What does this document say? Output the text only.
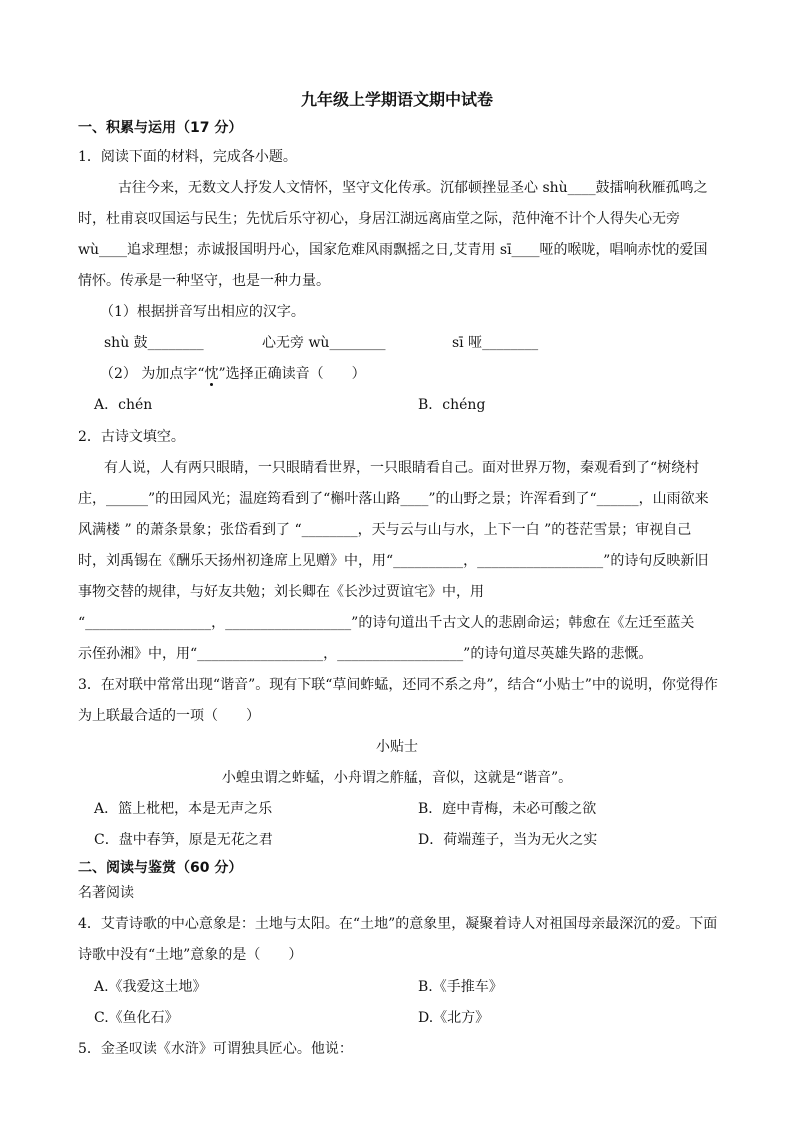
九年级上学期语文期中试卷
一、积累与运用（17 分）
1．阅读下面的材料，完成各小题。
古往今来，无数文人抒发人文情怀，坚守文化传承。沉郁顿挫显圣心 shù____鼓擂响秋雁孤鸣之
时，杜甫哀叹国运与民生；先忧后乐守初心，身居江湖远离庙堂之际，范仲淹不计个人得失心无旁
wù____追求理想；赤诚报国明丹心，国家危难风雨飘摇之日,艾青用 sī____哑的喉咙，唱响赤忱的爱国
情怀。传承是一种坚守，也是一种力量。
（1）根据拼音写出相应的汉字。
shù 鼓________	心无旁 wù________	sī 哑________
（2） 为加点字“忱”选择正确读音（　　）
A．chén	B．chéng
2．古诗文填空。
有人说，人有两只眼睛，一只眼睛看世界，一只眼睛看自己。面对世界万物，秦观看到了“树绕村
庄，______”的田园风光；温庭筠看到了“槲叶落山路____”的山野之景；许浑看到了“______，山雨欲来
风满楼 ” 的萧条景象；张岱看到了 “________，天与云与山与水，上下一白 ”的苍茫雪景；审视自己
时，刘禹锡在《酬乐天扬州初逢席上见赠》中，用“__________，__________________”的诗句反映新旧
事物交替的规律，与好友共勉；刘长卿在《长沙过贾谊宅》中，用
“__________________，__________________”的诗句道出千古文人的悲剧命运；韩愈在《左迁至蓝关
示侄孙湘》中，用“__________________，__________________”的诗句道尽英雄失路的悲慨。
3．在对联中常常出现“谐音”。现有下联“草间蚱蜢，还同不系之舟”，结合“小贴士”中的说明，你觉得作
为上联最合适的一项（　　）
小贴士
小蝗虫谓之蚱蜢，小舟谓之舴艋，音似，这就是“谐音”。
A．篮上枇杷，本是无声之乐	B．庭中青梅，未必可酸之欲
C．盘中春笋，原是无花之君	D．荷端莲子，当为无火之实
二、阅读与鉴赏（60 分）
名著阅读
4．艾青诗歌的中心意象是：土地与太阳。在“土地”的意象里，凝聚着诗人对祖国母亲最深沉的爱。下面
诗歌中没有“土地”意象的是（　　）
A.《我爱这土地》	B.《手推车》
C.《鱼化石》	D.《北方》
5．金圣叹读《水浒》可谓独具匠心。他说：
